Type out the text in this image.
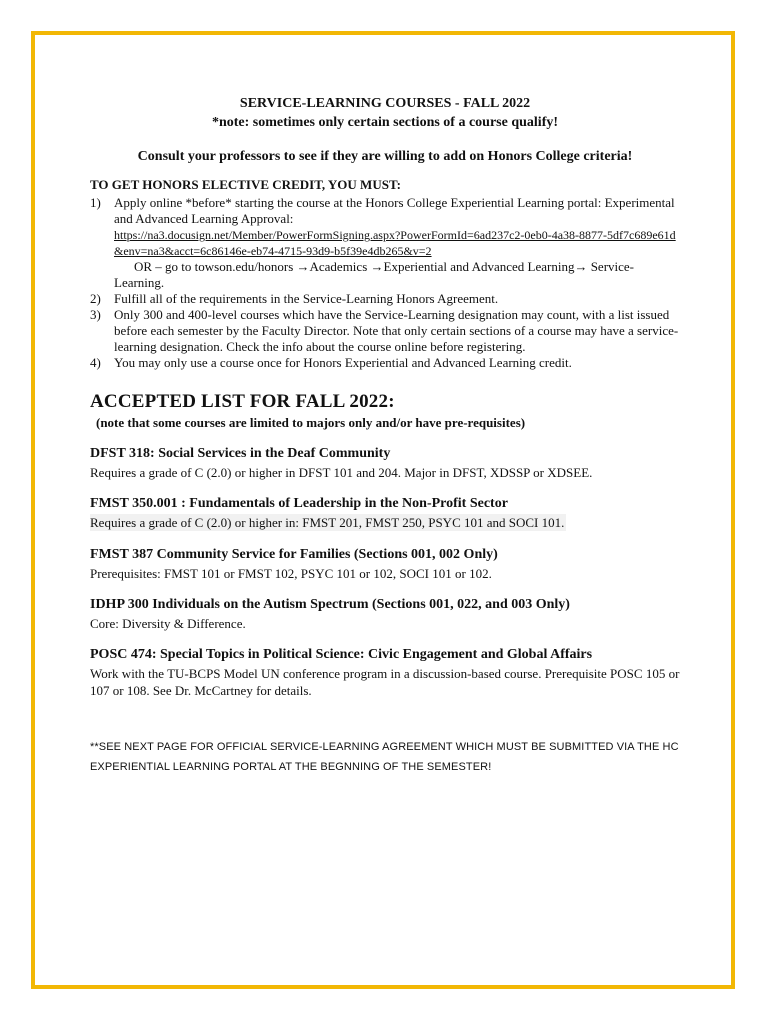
SERVICE-LEARNING COURSES - FALL 2022

*note: sometimes only certain sections of a course qualify!

Consult your professors to see if they are willing to add on Honors College criteria!

TO GET HONORS ELECTIVE CREDIT, YOU MUST:

1) Apply online *before* starting the course at the Honors College Experiential Learning portal: Experimental and Advanced Learning Approval:
https://na3.docusign.net/Member/PowerFormSigning.aspx?PowerFormId=6ad237c2-0eb0-4a38-8877-5df7c689e61d&env=na3&acct=6c86146e-eb74-4715-93d9-b5f39e4db265&v=2
OR – go to towson.edu/honors →Academics →Experiential and Advanced Learning→ Service-Learning.
2) Fulfill all of the requirements in the Service-Learning Honors Agreement.
3) Only 300 and 400-level courses which have the Service-Learning designation may count, with a list issued before each semester by the Faculty Director. Note that only certain sections of a course may have a service-learning designation. Check the info about the course online before registering.
4) You may only use a course once for Honors Experiential and Advanced Learning credit.

ACCEPTED LIST FOR FALL 2022:

(note that some courses are limited to majors only and/or have pre-requisites)

DFST 318: Social Services in the Deaf Community

Requires a grade of C (2.0) or higher in DFST 101 and 204. Major in DFST, XDSSP or XDSEE.

FMST 350.001 : Fundamentals of Leadership in the Non-Profit Sector

Requires a grade of C (2.0) or higher in: FMST 201, FMST 250, PSYC 101 and SOCI 101.

FMST 387 Community Service for Families (Sections 001, 002 Only)

Prerequisites: FMST 101 or FMST 102, PSYC 101 or 102, SOCI 101 or 102.

IDHP 300 Individuals on the Autism Spectrum (Sections 001, 022, and 003 Only)

Core: Diversity & Difference.

POSC 474: Special Topics in Political Science: Civic Engagement and Global Affairs

Work with the TU-BCPS Model UN conference program in a discussion-based course. Prerequisite POSC 105 or 107 or 108. See Dr. McCartney for details.

**SEE NEXT PAGE FOR OFFICIAL SERVICE-LEARNING AGREEMENT WHICH MUST BE SUBMITTED VIA THE HC EXPERIENTIAL LEARNING PORTAL AT THE BEGNNING OF THE SEMESTER!
